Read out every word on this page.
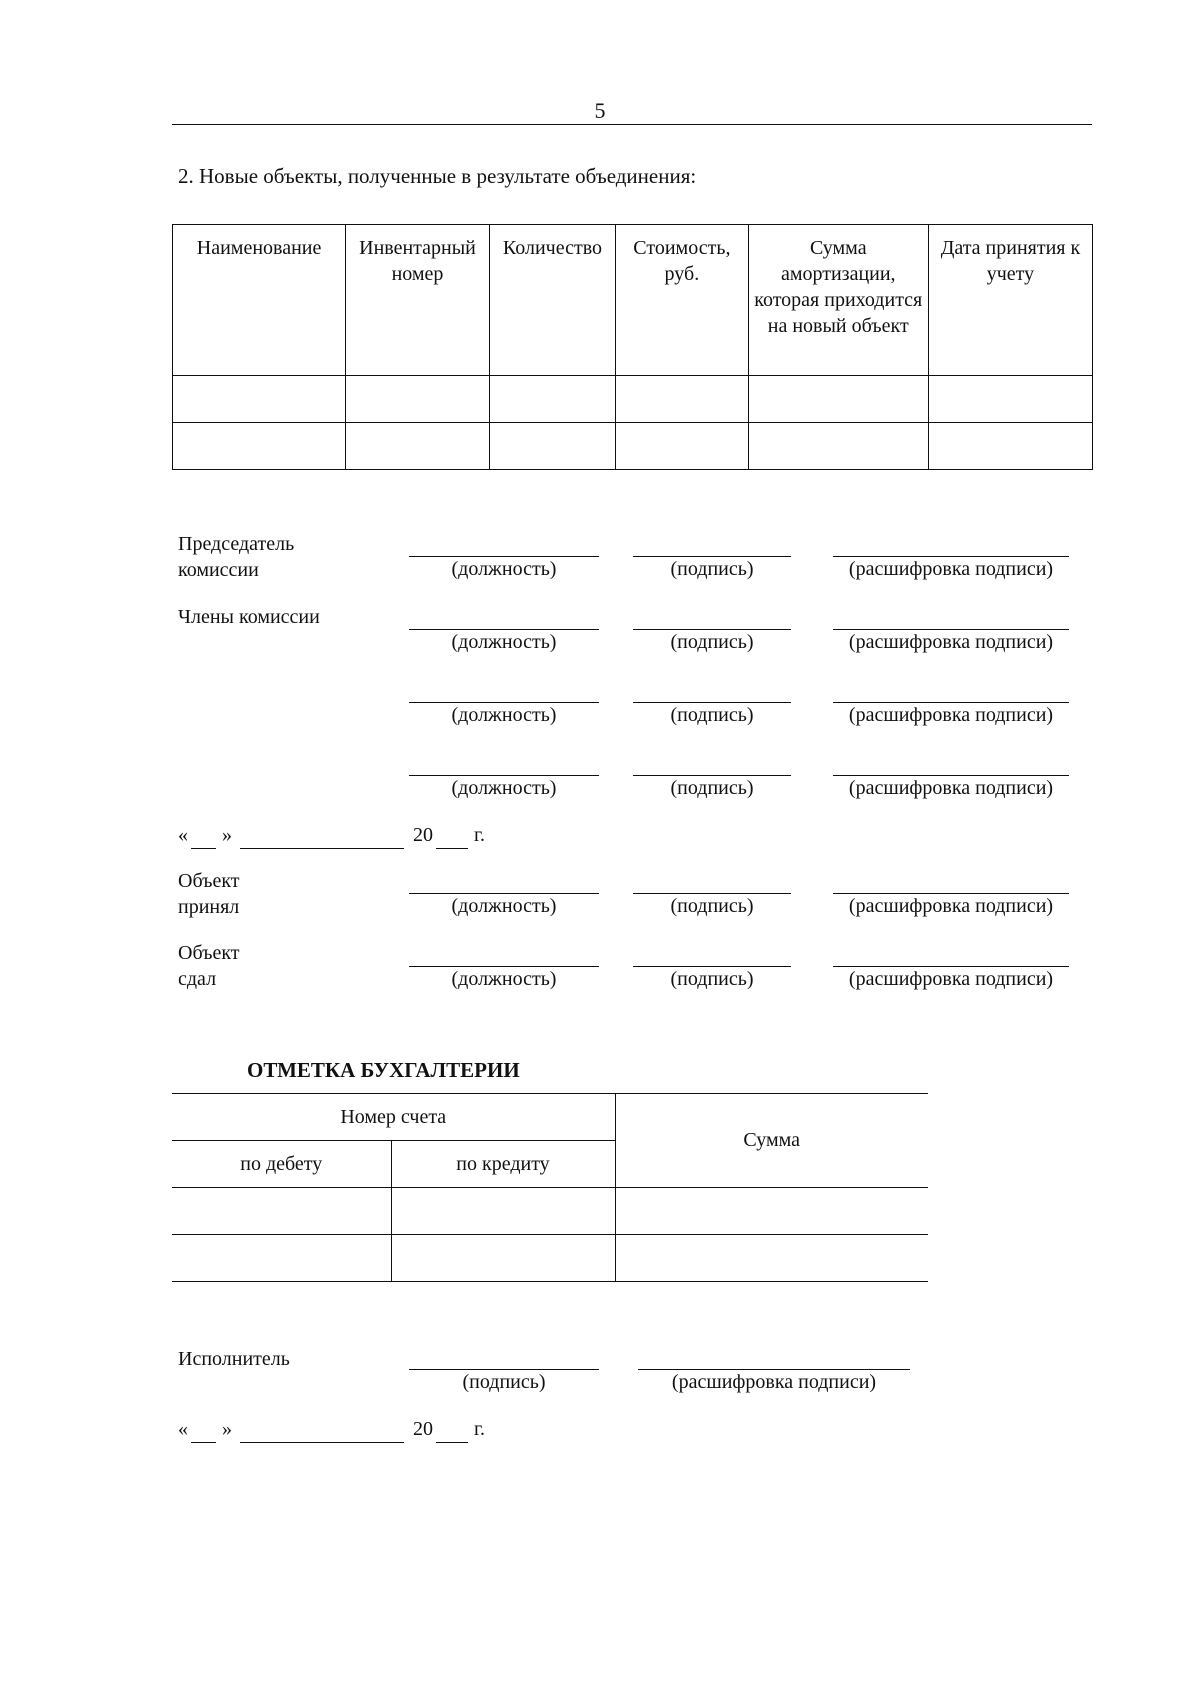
5
2. Новые объекты, полученные в результате объединения:
Наименование	Инвентарный номер	Количество	Стоимость, руб.	Сумма амортизации, которая приходится на новый объект	Дата принятия к учету

Председатель
комиссии	(должность)	(подпись)	(расшифровка подписи)
Члены комиссии
(должность)	(подпись)	(расшифровка подписи)
(должность)	(подпись)	(расшифровка подписи)
(должность)	(подпись)	(расшифровка подписи)
« »	20 г.
Объект
принял	(должность)	(подпись)	(расшифровка подписи)
Объект
сдал	(должность)	(подпись)	(расшифровка подписи)
ОТМЕТКА БУХГАЛТЕРИИ
Номер счета		Сумма
по дебету	по кредиту	

Исполнитель
(подпись)	(расшифровка подписи)
« »	20 г.
